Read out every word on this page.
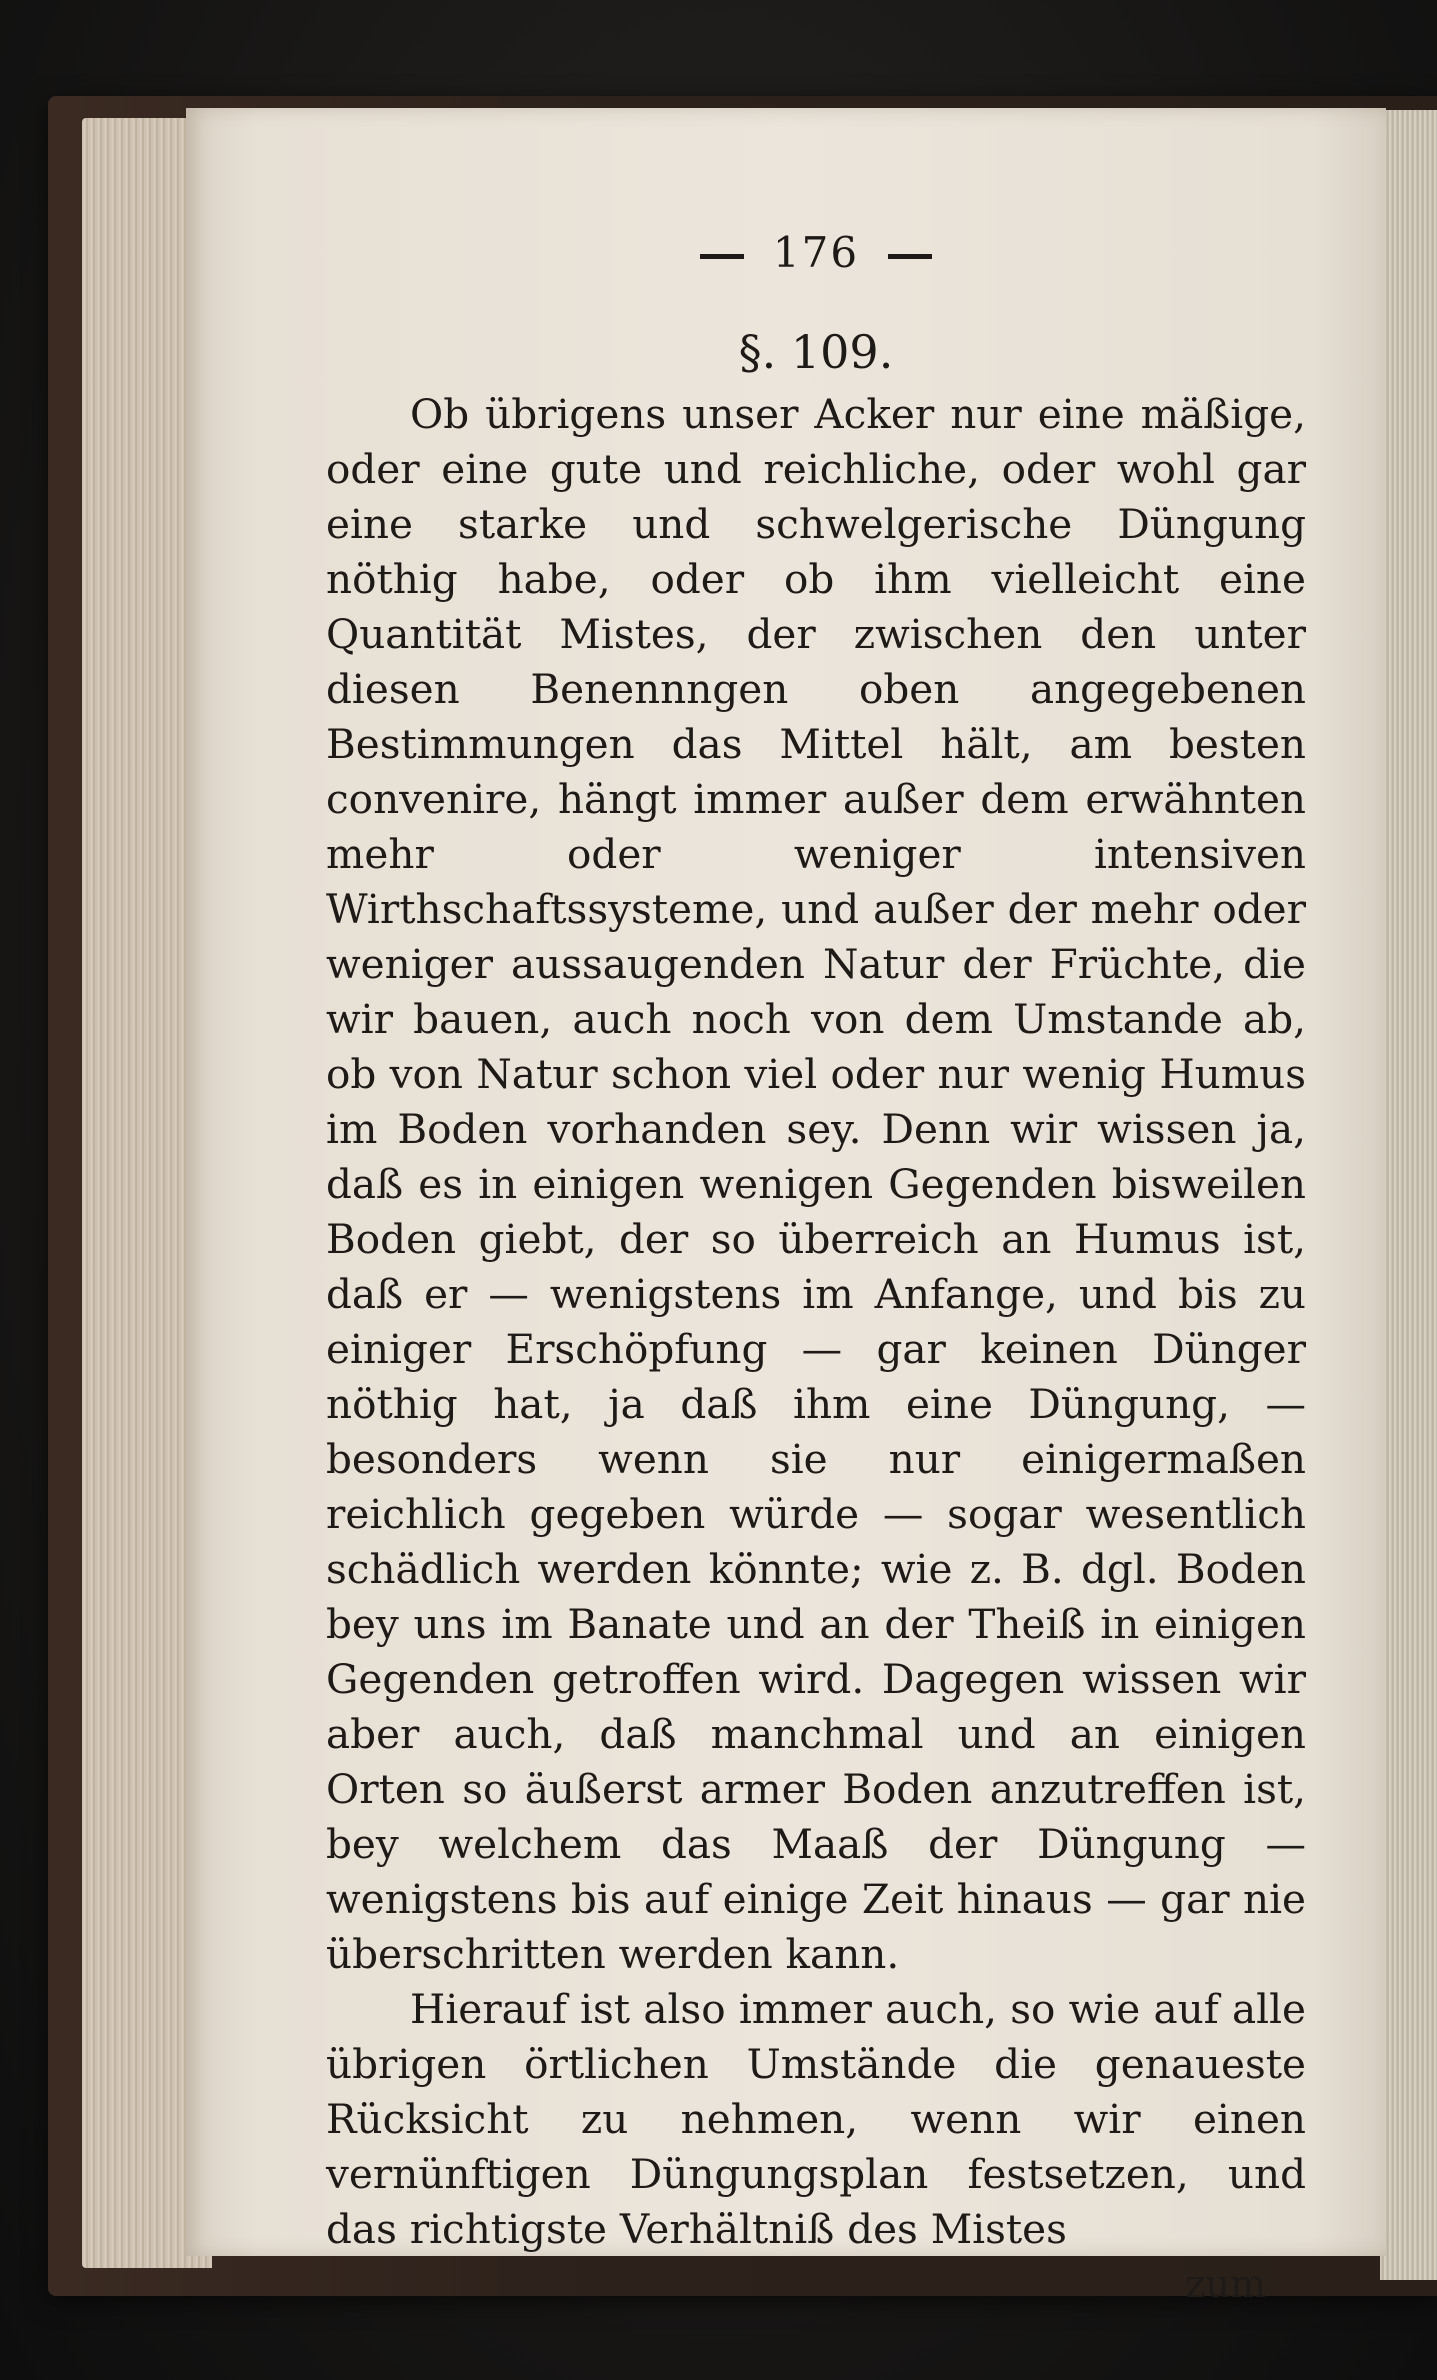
176
§. 109.

Ob übrigens unser Acker nur eine mäßige, oder eine gute und reichliche, oder wohl gar eine starke und schwelgerische Düngung nöthig habe, oder ob ihm vielleicht eine Quantität Mistes, der zwischen den unter diesen Benennngen oben angegebenen Bestimmungen das Mittel hält, am besten convenire, hängt immer außer dem erwähnten mehr oder weniger intensiven Wirthschaftssysteme, und außer der mehr oder weniger aussaugenden Natur der Früchte, die wir bauen, auch noch von dem Umstande ab, ob von Natur schon viel oder nur wenig Humus im Boden vorhanden sey. Denn wir wissen ja, daß es in einigen wenigen Gegenden bisweilen Boden giebt, der so überreich an Humus ist, daß er — wenigstens im Anfange, und bis zu einiger Erschöpfung — gar keinen Dünger nöthig hat, ja daß ihm eine Düngung, — besonders wenn sie nur einigermaßen reichlich gegeben würde — sogar wesentlich schädlich werden könnte; wie z. B. dgl. Boden bey uns im Banate und an der Theiß in einigen Gegenden getroffen wird. Dagegen wissen wir aber auch, daß manchmal und an einigen Orten so äußerst armer Boden anzutreffen ist, bey welchem das Maaß der Düngung — wenigstens bis auf einige Zeit hinaus — gar nie überschritten werden kann.

Hierauf ist also immer auch, so wie auf alle übrigen örtlichen Umstände die genaueste Rücksicht zu nehmen, wenn wir einen vernünftigen Düngungsplan festsetzen, und das richtigste Verhältniß des Mistes

zum
